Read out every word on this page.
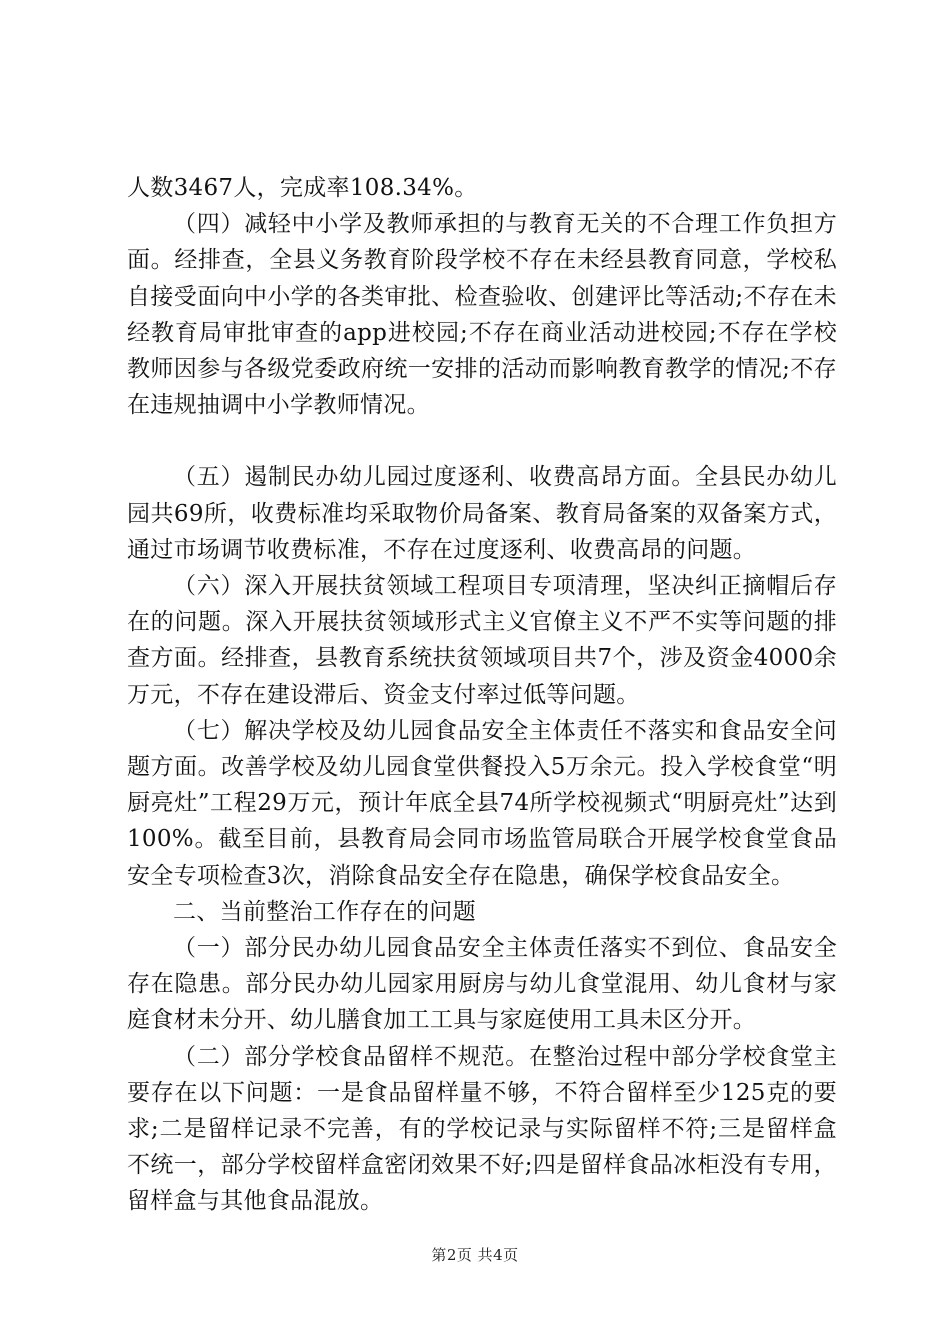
人数3467人，完成率108.34%。

（四）减轻中小学及教师承担的与教育无关的不合理工作负担方面。经排查，全县义务教育阶段学校不存在未经县教育同意，学校私自接受面向中小学的各类审批、检查验收、创建评比等活动;不存在未经教育局审批审查的app进校园;不存在商业活动进校园;不存在学校教师因参与各级党委政府统一安排的活动而影响教育教学的情况;不存在违规抽调中小学教师情况。

（五）遏制民办幼儿园过度逐利、收费高昂方面。全县民办幼儿园共69所，收费标准均采取物价局备案、教育局备案的双备案方式，通过市场调节收费标准，不存在过度逐利、收费高昂的问题。

（六）深入开展扶贫领域工程项目专项清理，坚决纠正摘帽后存在的问题。深入开展扶贫领域形式主义官僚主义不严不实等问题的排查方面。经排查，县教育系统扶贫领域项目共7个，涉及资金4000余万元，不存在建设滞后、资金支付率过低等问题。

（七）解决学校及幼儿园食品安全主体责任不落实和食品安全问题方面。改善学校及幼儿园食堂供餐投入5万余元。投入学校食堂“明厨亮灶”工程29万元，预计年底全县74所学校视频式“明厨亮灶”达到100%。截至目前，县教育局会同市场监管局联合开展学校食堂食品安全专项检查3次，消除食品安全存在隐患，确保学校食品安全。

二、当前整治工作存在的问题

（一）部分民办幼儿园食品安全主体责任落实不到位、食品安全存在隐患。部分民办幼儿园家用厨房与幼儿食堂混用、幼儿食材与家庭食材未分开、幼儿膳食加工工具与家庭使用工具未区分开。

（二）部分学校食品留样不规范。在整治过程中部分学校食堂主要存在以下问题：一是食品留样量不够，不符合留样至少125克的要求;二是留样记录不完善，有的学校记录与实际留样不符;三是留样盒不统一，部分学校留样盒密闭效果不好;四是留样食品冰柜没有专用，留样盒与其他食品混放。

第2页 共4页
